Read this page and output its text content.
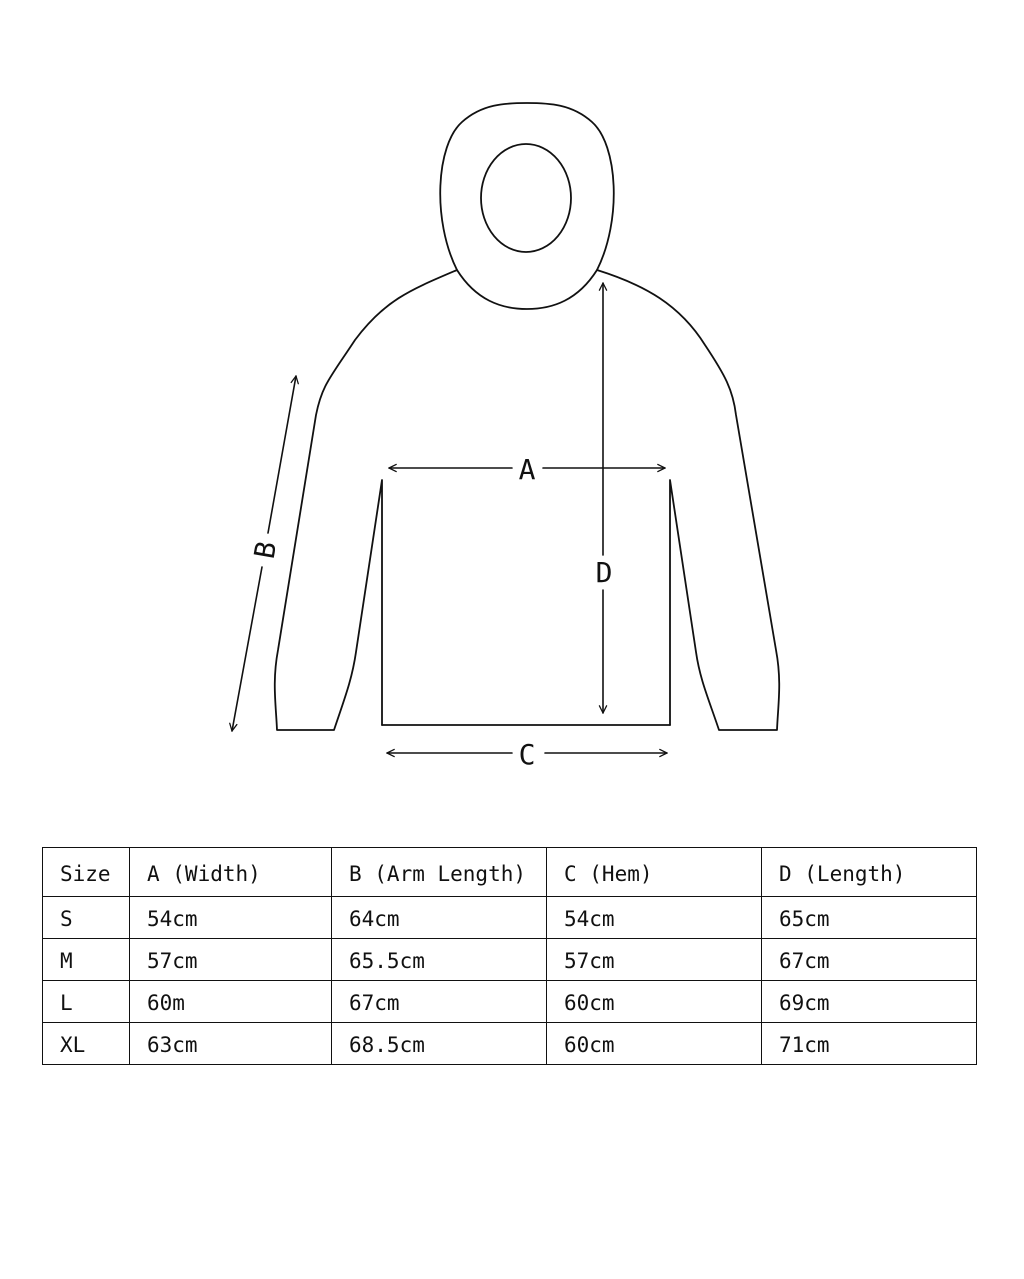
A
C
D
B
Size	A (Width)	B (Arm Length)	C (Hem)	D (Length)
S	54cm	64cm	54cm	65cm
M	57cm	65.5cm	57cm	67cm
L	60m	67cm	60cm	69cm
XL	63cm	68.5cm	60cm	71cm
